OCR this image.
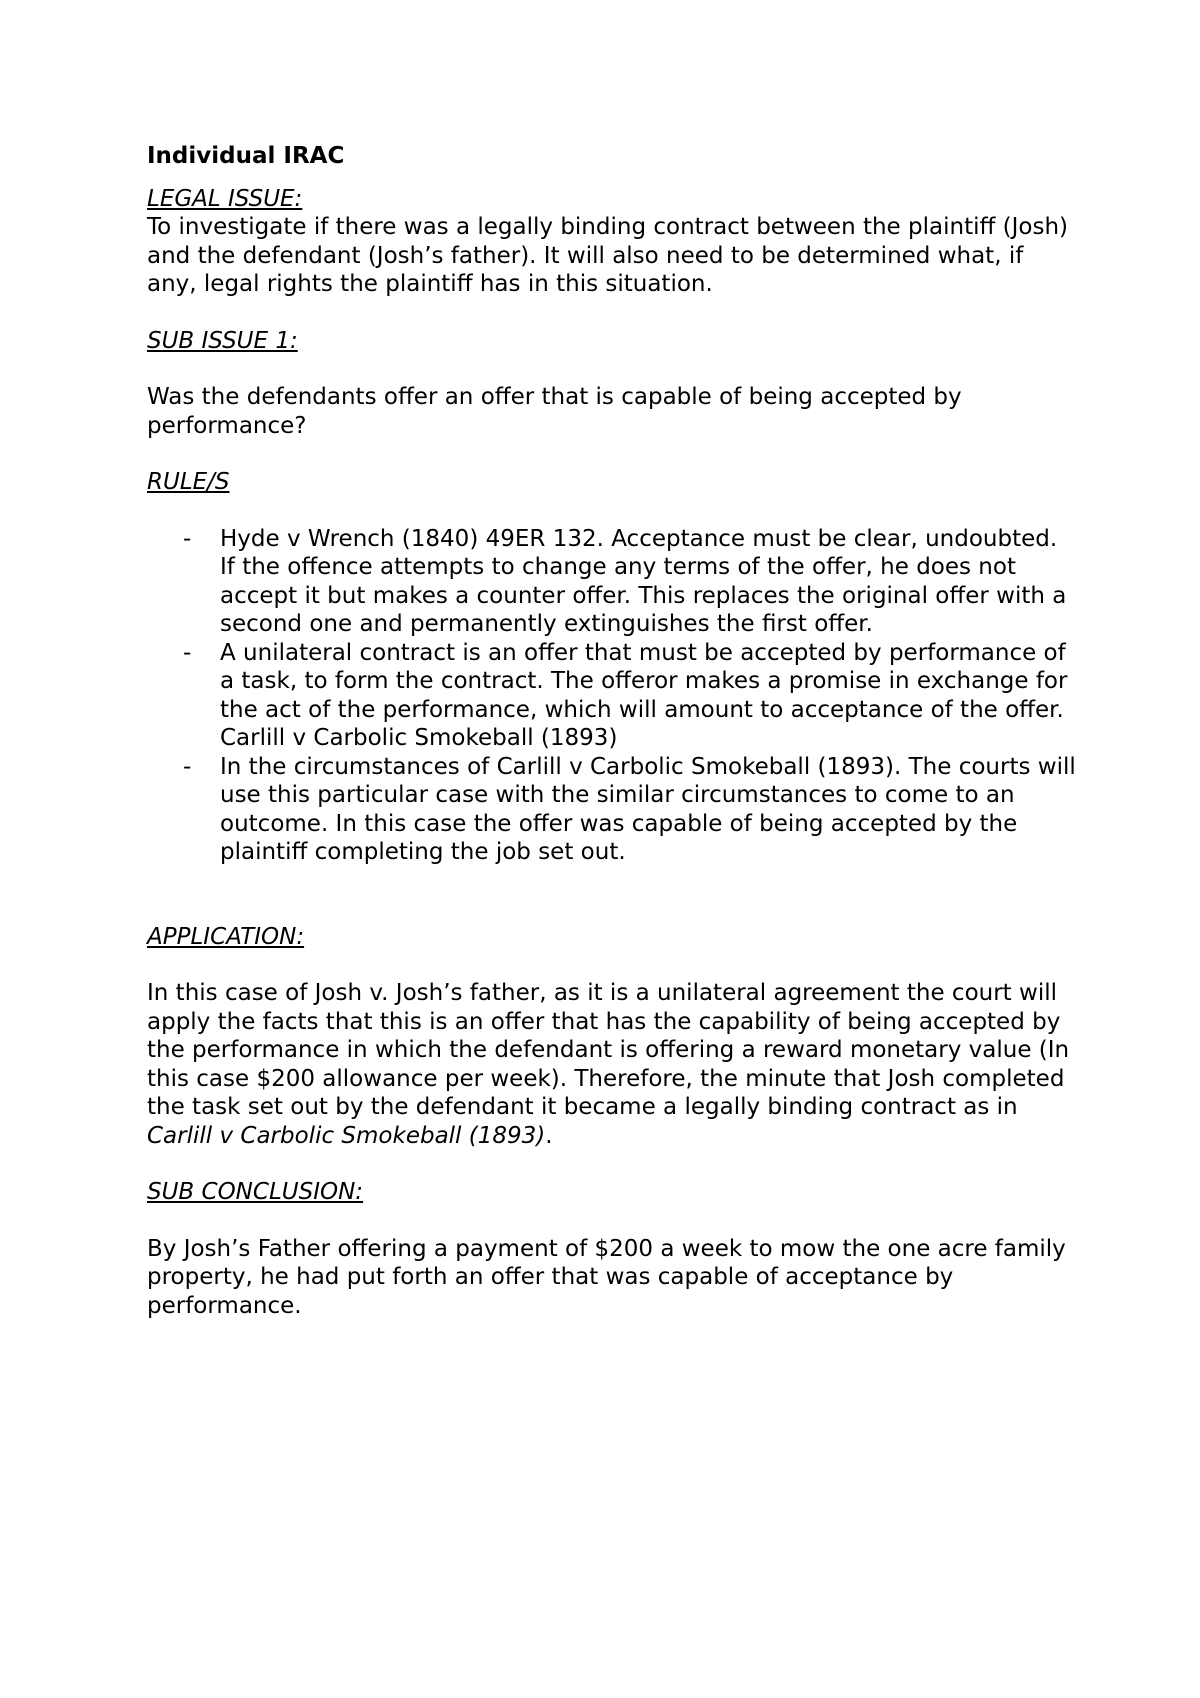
Individual IRAC
LEGAL ISSUE:

To investigate if there was a legally binding contract between the plaintiff (Josh) and the defendant (Josh’s father). It will also need to be determined what, if any, legal rights the plaintiff has in this situation.

SUB ISSUE 1:

Was the defendants offer an offer that is capable of being accepted by performance?

RULE/S
- Hyde v Wrench (1840) 49ER 132. Acceptance must be clear, undoubted. If the offence attempts to change any terms of the offer, he does not accept it but makes a counter offer. This replaces the original offer with a second one and permanently extinguishes the first offer.
- A unilateral contract is an offer that must be accepted by performance of a task, to form the contract. The offeror makes a promise in exchange for the act of the performance, which will amount to acceptance of the offer. Carlill v Carbolic Smokeball (1893)
- In the circumstances of Carlill v Carbolic Smokeball (1893). The courts will use this particular case with the similar circumstances to come to an outcome. In this case the offer was capable of being accepted by the plaintiff completing the job set out.
APPLICATION:

In this case of Josh v. Josh’s father, as it is a unilateral agreement the court will apply the facts that this is an offer that has the capability of being accepted by the performance in which the defendant is offering a reward monetary value (In this case $200 allowance per week). Therefore, the minute that Josh completed the task set out by the defendant it became a legally binding contract as in Carlill v Carbolic Smokeball (1893).

SUB CONCLUSION:

By Josh’s Father offering a payment of $200 a week to mow the one acre family property, he had put forth an offer that was capable of acceptance by performance.
